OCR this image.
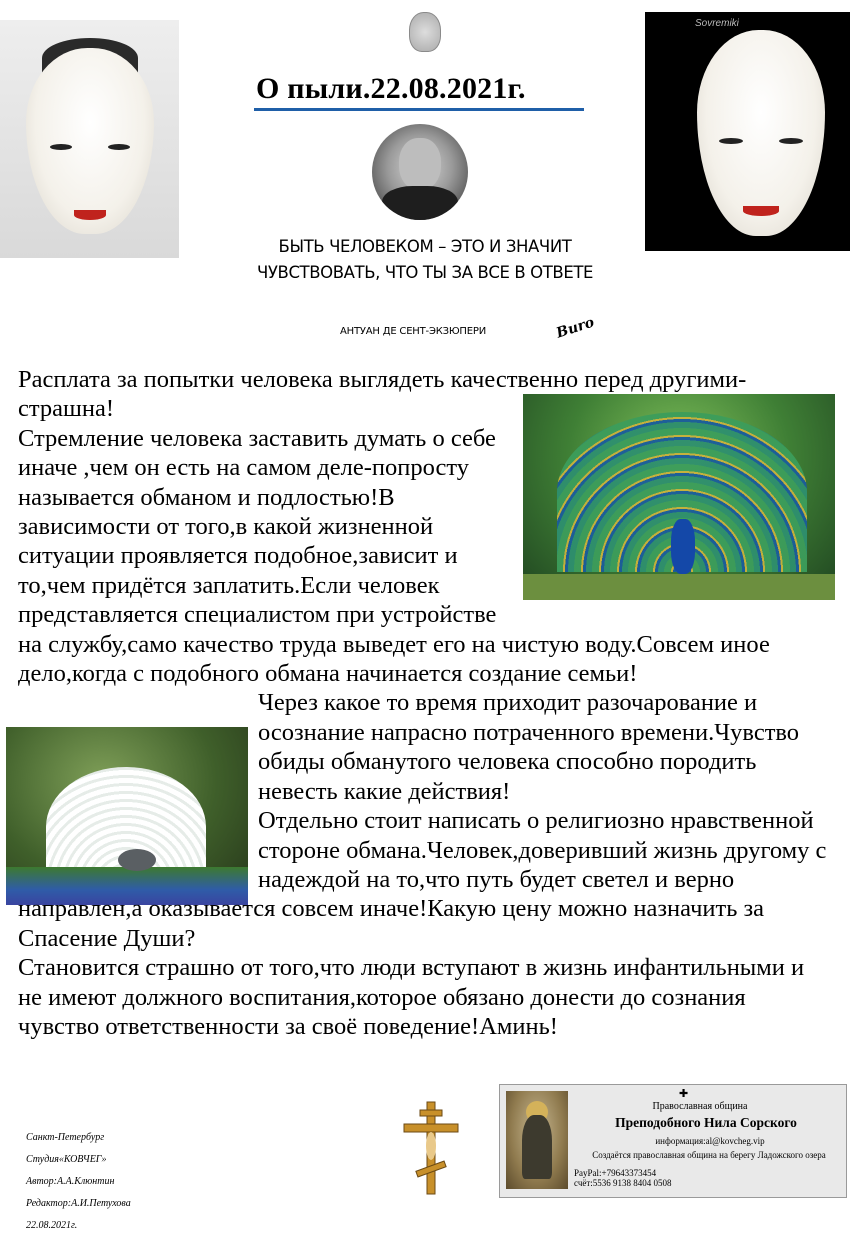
Sovremiki
О пыли.22.08.2021г.
БЫТЬ ЧЕЛОВЕКОМ – ЭТО И ЗНАЧИТ
ЧУВСТВОВАТЬ, ЧТО ТЫ ЗА ВСЕ В ОТВЕТЕ
АНТУАН ДЕ СЕНТ-ЭКЗЮПЕРИ	Bиrо

Расплата за попытки человека выглядеть качественно перед другими-страшна!

Стремление человека заставить думать о себе иначе ,чем он есть на самом деле-попросту называется обманом и подлостью!В зависимости от того,в какой жизненной ситуации проявляется подобное,зависит и то,чем придётся заплатить.Если человек представляется специалистом при устройстве на службу,само качество труда выведет его на чистую воду.Совсем иное дело,когда с подобного обмана начинается создание семьи!

Через какое то время приходит разочарование и осознание напрасно потраченного времени.Чувство обиды обманутого человека способно породить невесть какие действия!

Отдельно стоит написать о религиозно нравственной стороне обмана.Человек,доверивший жизнь другому с надеждой на то,что путь будет светел и верно направлен,а оказывается совсем иначе!Какую цену можно назначить за Спасение Души?

Становится страшно от того,что люди вступают в жизнь инфантильными и не имеют должного воспитания,которое обязано донести до сознания чувство ответственности за своё поведение!Аминь!

Санкт-Петербург

Студия«КОВЧЕГ»

Автор:А.А.Клюнтин

Редактор:А.И.Петухова

22.08.2021г.

✚
Православная община
Преподобного Нила Сорского
информация:al@kovcheg.vip
Создаётся православная община на берегу Ладожского озера
PayPal:+79643373454
счёт:5536 9138 8404 0508
